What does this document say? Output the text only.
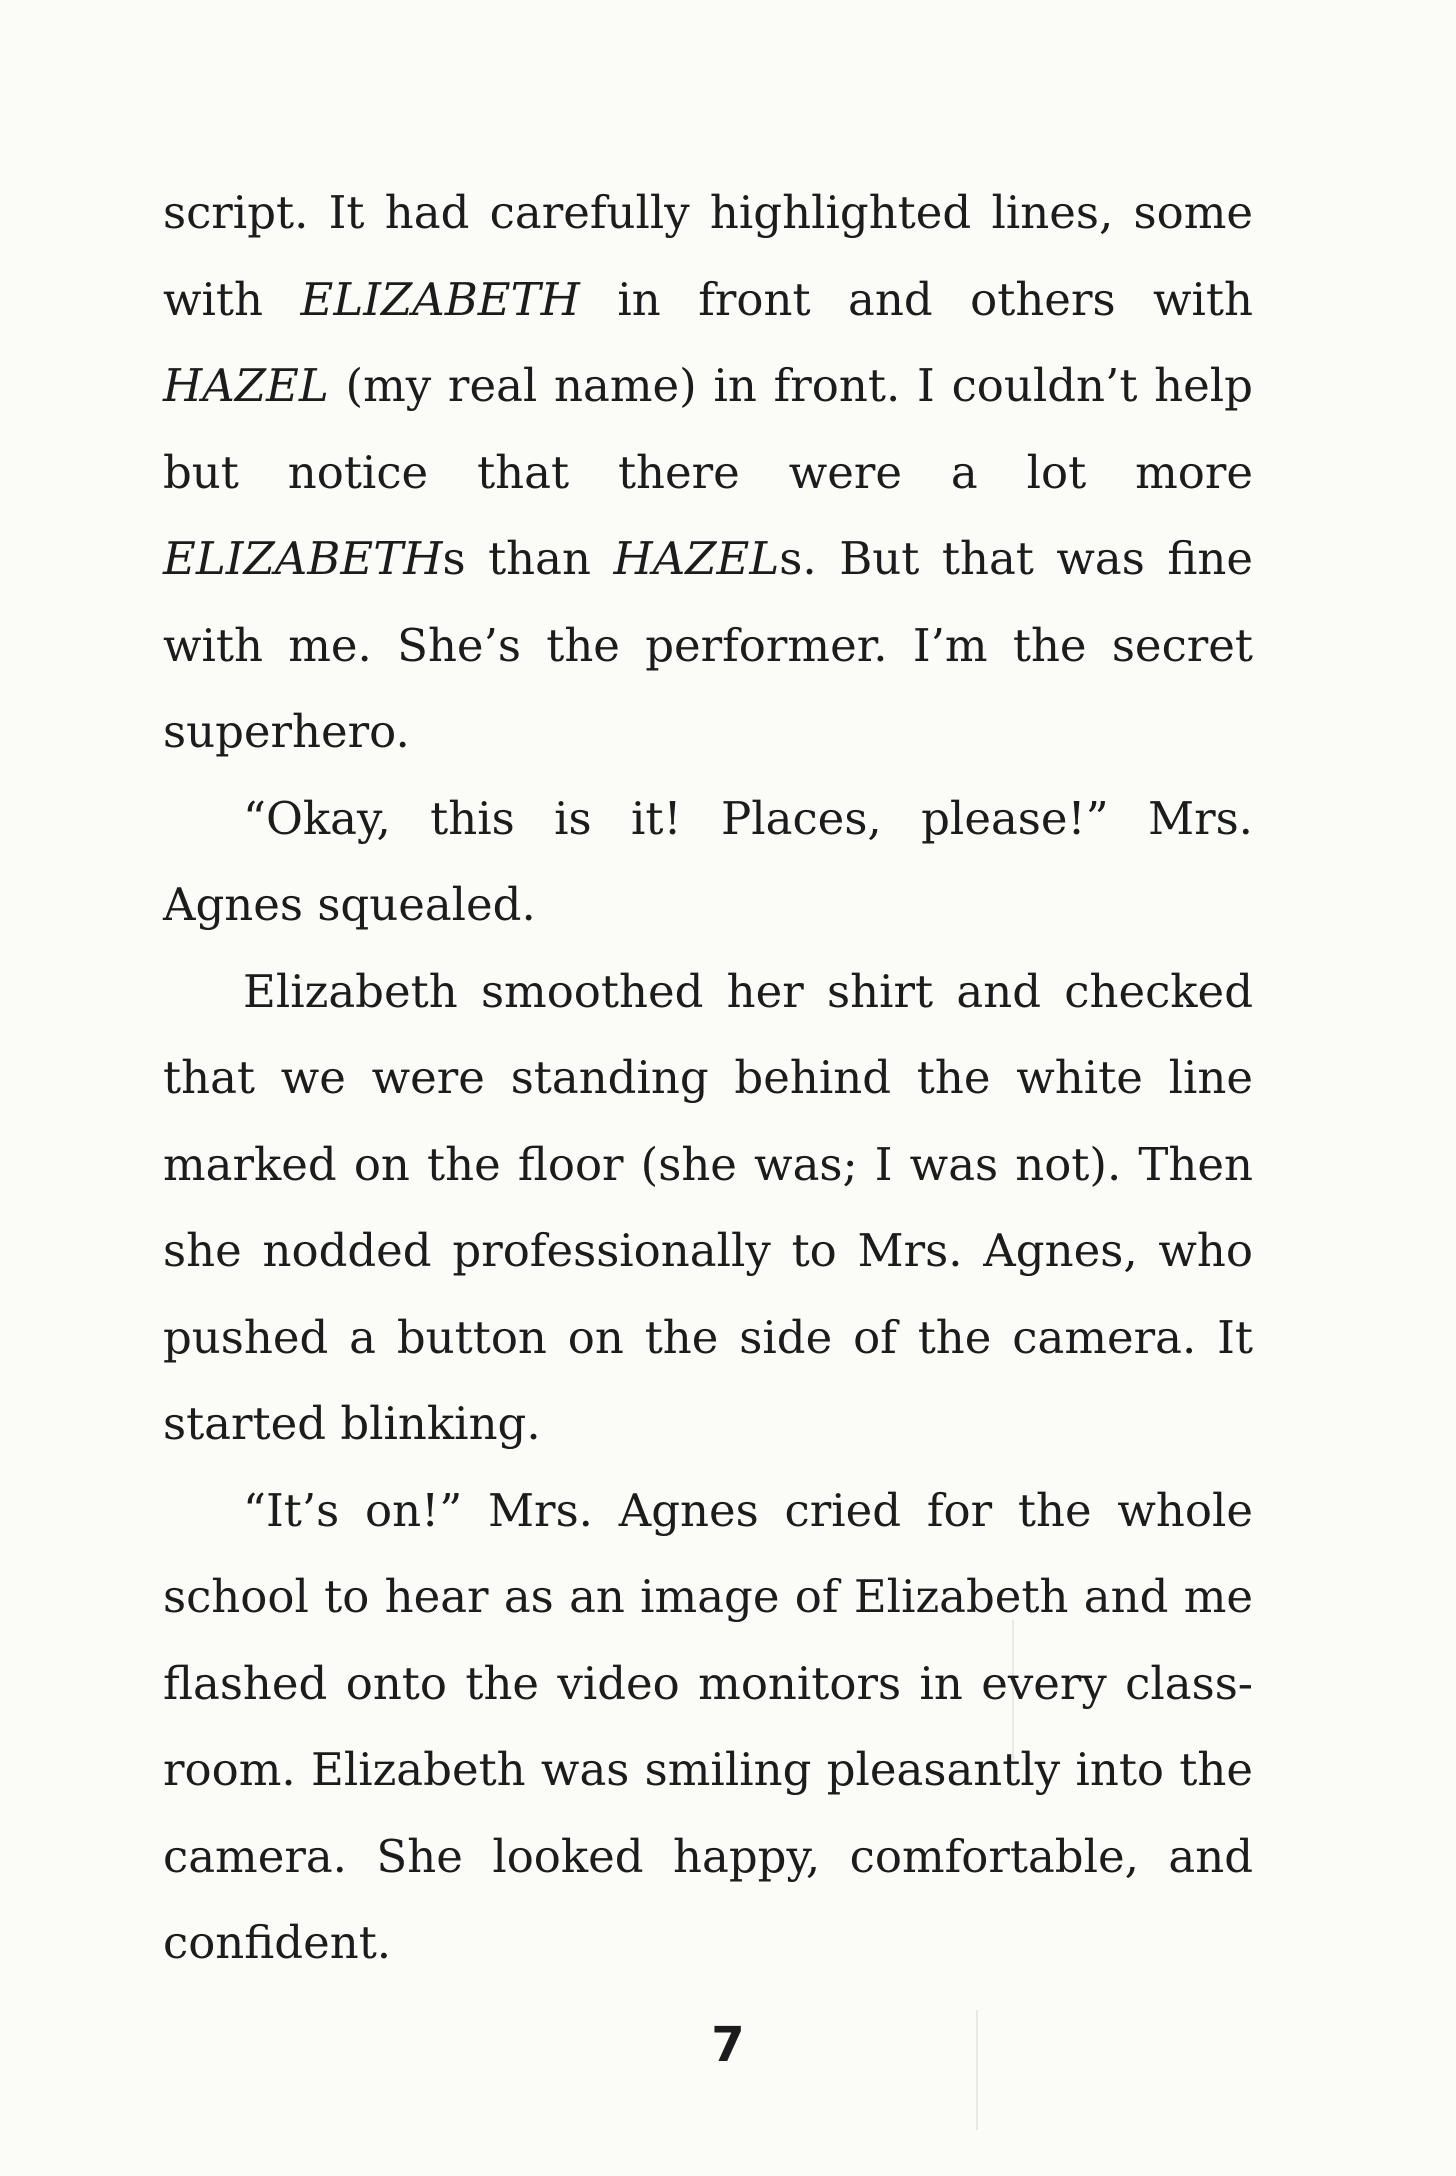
script. It had carefully highlighted lines, some with ELIZABETH in front and others with HAZEL (my real name) in front. I couldn’t help but notice that there were a lot more ELIZABETHs than HAZELs. But that was fine with me. She’s the performer. I’m the secret superhero.

“Okay, this is it! Places, please!” Mrs. Agnes squealed.

Elizabeth smoothed her shirt and checked that we were standing behind the white line marked on the floor (she was; I was not). Then she nodded professionally to Mrs. Agnes, who pushed a button on the side of the camera. It started blinking.

“It’s on!” Mrs. Agnes cried for the whole school to hear as an image of Elizabeth and me flashed onto the video monitors in every class-room. Elizabeth was smiling pleasantly into the camera. She looked happy, comfortable, and confident.

7
